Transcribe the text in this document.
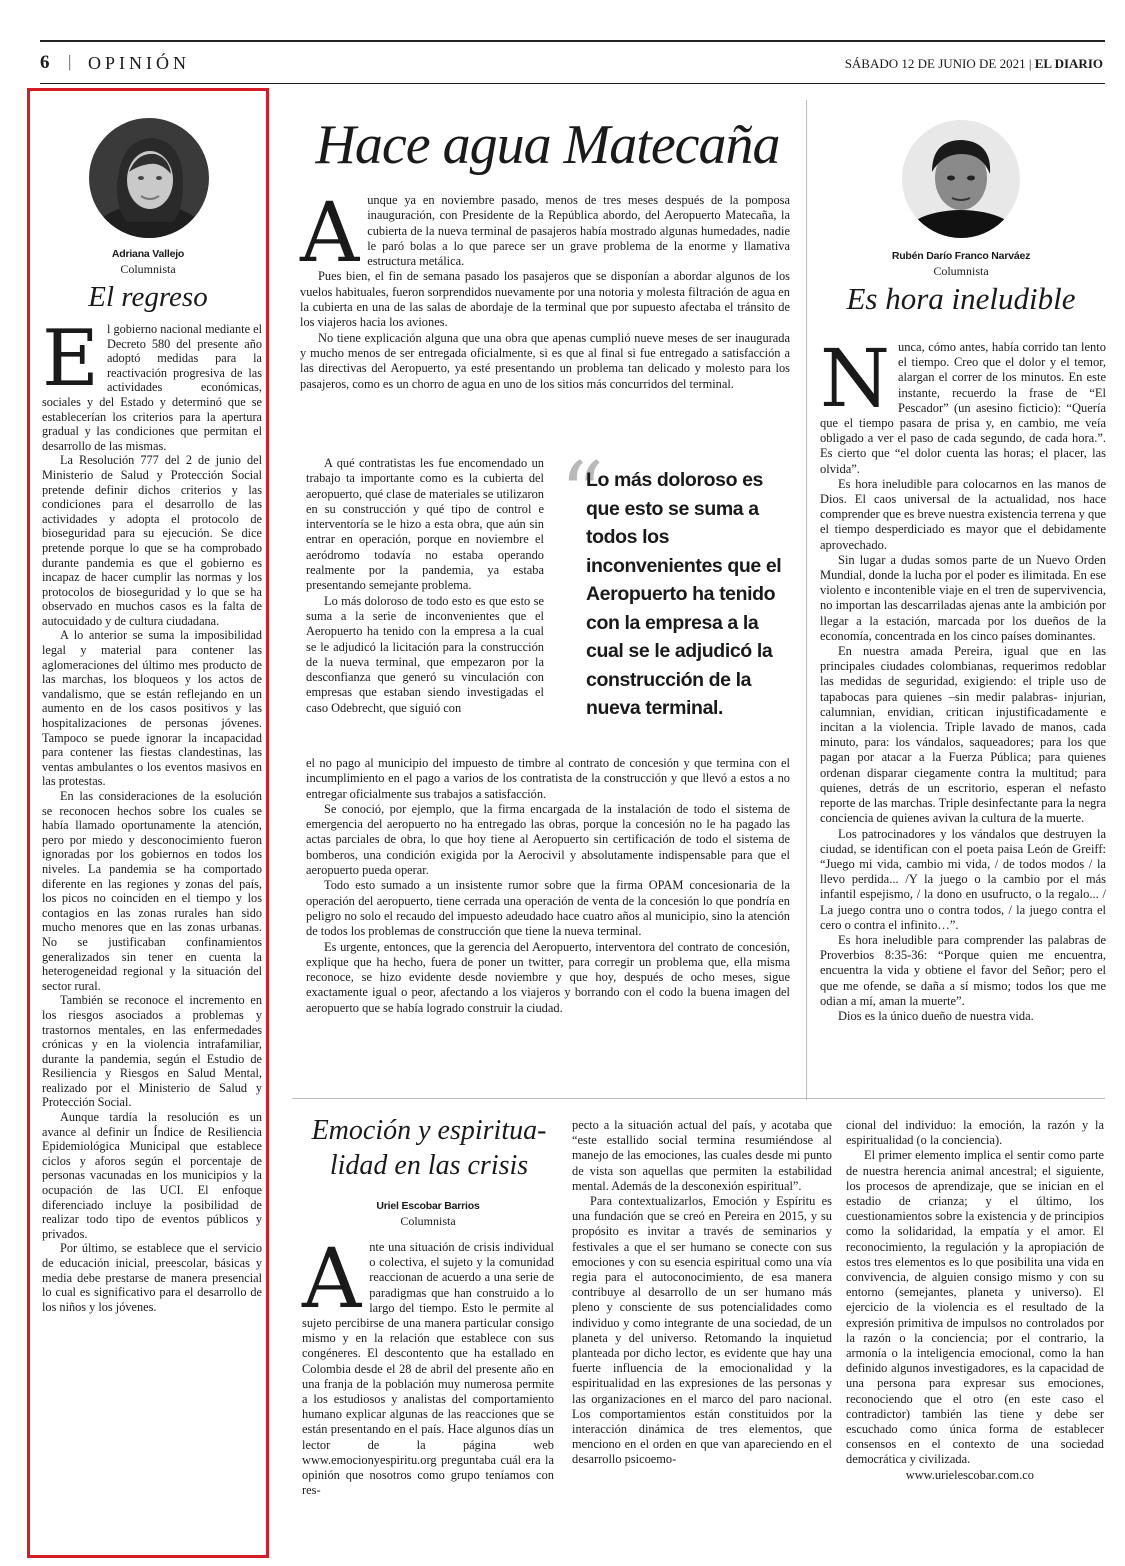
6 | OPINIÓN	SÁBADO 12 DE JUNIO DE 2021 | EL DIARIO
Adriana Vallejo
Columnista
El regreso
E l gobierno nacional mediante el Decreto 580 del presente año adoptó medidas para la reactivación progresiva de las actividades económicas, sociales y del Estado y determinó que se establecerían los criterios para la apertura gradual y las condiciones que permitan el desarrollo de las mismas.

La Resolución 777 del 2 de junio del Ministerio de Salud y Protección Social pretende definir dichos criterios y las condiciones para el desarrollo de las actividades y adopta el protocolo de bioseguridad para su ejecución. Se dice pretende porque lo que se ha comprobado durante pandemia es que el gobierno es incapaz de hacer cumplir las normas y los protocolos de bioseguridad y lo que se ha observado en muchos casos es la falta de autocuidado y de cultura ciudadana.

A lo anterior se suma la imposibilidad legal y material para contener las aglomeraciones del último mes producto de las marchas, los bloqueos y los actos de vandalismo, que se están reflejando en un aumento en de los casos positivos y las hospitalizaciones de personas jóvenes. Tampoco se puede ignorar la incapacidad para contener las fiestas clandestinas, las ventas ambulantes o los eventos masivos en las protestas.

En las consideraciones de la esolución se reconocen hechos sobre los cuales se había llamado oportunamente la atención, pero por miedo y desconocimiento fueron ignoradas por los gobiernos en todos los niveles. La pandemia se ha comportado diferente en las regiones y zonas del país, los picos no coinciden en el tiempo y los contagios en las zonas rurales han sido mucho menores que en las zonas urbanas. No se justificaban confinamientos generalizados sin tener en cuenta la heterogeneidad regional y la situación del sector rural.

También se reconoce el incremento en los riesgos asociados a problemas y trastornos mentales, en las enfermedades crónicas y en la violencia intrafamiliar, durante la pandemia, según el Estudio de Resiliencia y Riesgos en Salud Mental, realizado por el Ministerio de Salud y Protección Social.

Aunque tardía la resolución es un avance al definir un Índice de Resiliencia Epidemiológica Municipal que establece ciclos y aforos según el porcentaje de personas vacunadas en los municipios y la ocupación de las UCI. El enfoque diferenciado incluye la posibilidad de realizar todo tipo de eventos públicos y privados.

Por último, se establece que el servicio de educación inicial, preescolar, básicas y media debe prestarse de manera presencial lo cual es significativo para el desarrollo de los niños y los jóvenes.

Hace agua Matecaña
A unque ya en noviembre pasado, menos de tres meses después de la pomposa inauguración, con Presidente de la República abordo, del Aeropuerto Matecaña, la cubierta de la nueva terminal de pasajeros había mostrado algunas humedades, nadie le paró bolas a lo que parece ser un grave problema de la enorme y llamativa estructura metálica.

Pues bien, el fin de semana pasado los pasajeros que se disponían a abordar algunos de los vuelos habituales, fueron sorprendidos nuevamente por una notoria y molesta filtración de agua en la cubierta en una de las salas de abordaje de la terminal que por supuesto afectaba el tránsito de los viajeros hacia los aviones.

No tiene explicación alguna que una obra que apenas cumplió nueve meses de ser inaugurada y mucho menos de ser entregada oficialmente, si es que al final si fue entregado a satisfacción a las directivas del Aeropuerto, ya esté presentando un problema tan delicado y molesto para los pasajeros, como es un chorro de agua en uno de los sitios más concurridos del terminal.

A qué contratistas les fue encomendado un trabajo ta importante como es la cubierta del aeropuerto, qué clase de materiales se utilizaron en su construcción y qué tipo de control e interventoría se le hizo a esta obra, que aún sin entrar en operación, porque en noviembre el aeródromo todavía no estaba operando realmente por la pandemia, ya estaba presentando semejante problema.

Lo más doloroso de todo esto es que esto se suma a la serie de inconvenientes que el Aeropuerto ha tenido con la empresa a la cual se le adjudicó la licitación para la construcción de la nueva terminal, que empezaron por la desconfianza que generó su vinculación con empresas que estaban siendo investigadas el caso Odebrecht, que siguió con

“
Lo más doloroso es que esto se suma a todos los inconvenientes que el Aeropuerto ha tenido con la empresa a la cual se le adjudicó la construcción de la nueva terminal.

el no pago al municipio del impuesto de timbre al contrato de concesión y que termina con el incumplimiento en el pago a varios de los contratista de la construcción y que llevó a estos a no entregar oficialmente sus trabajos a satisfacción.

Se conoció, por ejemplo, que la firma encargada de la instalación de todo el sistema de emergencia del aeropuerto no ha entregado las obras, porque la concesión no le ha pagado las actas parciales de obra, lo que hoy tiene al Aeropuerto sin certificación de todo el sistema de bomberos, una condición exigida por la Aerocivil y absolutamente indispensable para que el aeropuerto pueda operar.

Todo esto sumado a un insistente rumor sobre que la firma OPAM concesionaria de la operación del aeropuerto, tiene cerrada una operación de venta de la concesión lo que pondría en peligro no solo el recaudo del impuesto adeudado hace cuatro años al municipio, sino la atención de todos los problemas de construcción que tiene la nueva terminal.

Es urgente, entonces, que la gerencia del Aeropuerto, interventora del contrato de concesión, explique que ha hecho, fuera de poner un twitter, para corregir un problema que, ella misma reconoce, se hizo evidente desde noviembre y que hoy, después de ocho meses, sigue exactamente igual o peor, afectando a los viajeros y borrando con el codo la buena imagen del aeropuerto que se había logrado construir la ciudad.

Rubén Darío Franco Narváez
Columnista
Es hora ineludible
N unca, cómo antes, había corrido tan lento el tiempo. Creo que el dolor y el temor, alargan el correr de los minutos. En este instante, recuerdo la frase de “El Pescador” (un asesino ficticio): “Quería que el tiempo pasara de prisa y, en cambio, me veía obligado a ver el paso de cada segundo, de cada hora.”. Es cierto que “el dolor cuenta las horas; el placer, las olvida”.

Es hora ineludible para colocarnos en las manos de Dios. El caos universal de la actualidad, nos hace comprender que es breve nuestra existencia terrena y que el tiempo desperdiciado es mayor que el debidamente aprovechado.

Sin lugar a dudas somos parte de un Nuevo Orden Mundial, donde la lucha por el poder es ilimitada. En ese violento e incontenible viaje en el tren de supervivencia, no importan las descarriladas ajenas ante la ambición por llegar a la estación, marcada por los dueños de la economía, concentrada en los cinco países dominantes.

En nuestra amada Pereira, igual que en las principales ciudades colombianas, requerimos redoblar las medidas de seguridad, exigiendo: el triple uso de tapabocas para quienes –sin medir palabras- injurian, calumnian, envidian, critican injustificadamente e incitan a la violencia. Triple lavado de manos, cada minuto, para: los vándalos, saqueadores; para los que pagan por atacar a la Fuerza Pública; para quienes ordenan disparar ciegamente contra la multitud; para quienes, detrás de un escritorio, esperan el nefasto reporte de las marchas. Triple desinfectante para la negra conciencia de quienes avivan la cultura de la muerte.

Los patrocinadores y los vándalos que destruyen la ciudad, se identifican con el poeta paisa León de Greiff: “Juego mi vida, cambio mi vida, / de todos modos / la llevo perdida... /Y la juego o la cambio por el más infantil espejismo, / la dono en usufructo, o la regalo... / La juego contra uno o contra todos, / la juego contra el cero o contra el infinito…”.

Es hora ineludible para comprender las palabras de Proverbios 8:35-36: “Porque quien me encuentra, encuentra la vida y obtiene el favor del Señor; pero el que me ofende, se daña a sí mismo; todos los que me odian a mí, aman la muerte”.

Dios es la único dueño de nuestra vida.

Emoción y espiritua-
lidad en las crisis
Uriel Escobar Barrios
Columnista
A nte una situación de crisis individual o colectiva, el sujeto y la comunidad reaccionan de acuerdo a una serie de paradigmas que han construido a lo largo del tiempo. Esto le permite al sujeto percibirse de una manera particular consigo mismo y en la relación que establece con sus congéneres. El descontento que ha estallado en Colombia desde el 28 de abril del presente año en una franja de la población muy numerosa permite a los estudiosos y analistas del comportamiento humano explicar algunas de las reacciones que se están presentando en el país. Hace algunos días un lector de la página web www.emocionyespiritu.org preguntaba cuál era la opinión que nosotros como grupo teníamos con res-

pecto a la situación actual del país, y acotaba que “este estallido social termina resumiéndose al manejo de las emociones, las cuales desde mi punto de vista son aquellas que permiten la estabilidad mental. Además de la desconexión espiritual”.

Para contextualizarlos, Emoción y Espíritu es una fundación que se creó en Pereira en 2015, y su propósito es invitar a través de seminarios y festivales a que el ser humano se conecte con sus emociones y con su esencia espiritual como una vía regia para el autoconocimiento, de esa manera contribuye al desarrollo de un ser humano más pleno y consciente de sus potencialidades como individuo y como integrante de una sociedad, de un planeta y del universo. Retomando la inquietud planteada por dicho lector, es evidente que hay una fuerte influencia de la emocionalidad y la espiritualidad en las expresiones de las personas y las organizaciones en el marco del paro nacional. Los comportamientos están constituidos por la interacción dinámica de tres elementos, que menciono en el orden en que van apareciendo en el desarrollo psicoemo-

cional del individuo: la emoción, la razón y la espiritualidad (o la conciencia).

El primer elemento implica el sentir como parte de nuestra herencia animal ancestral; el siguiente, los procesos de aprendizaje, que se inician en el estadio de crianza; y el último, los cuestionamientos sobre la existencia y de principios como la solidaridad, la empatía y el amor. El reconocimiento, la regulación y la apropiación de estos tres elementos es lo que posibilita una vida en convivencia, de alguien consigo mismo y con su entorno (semejantes, planeta y universo). El ejercicio de la violencia es el resultado de la expresión primitiva de impulsos no controlados por la razón o la conciencia; por el contrario, la armonía o la inteligencia emocional, como la han definido algunos investigadores, es la capacidad de una persona para expresar sus emociones, reconociendo que el otro (en este caso el contradictor) también las tiene y debe ser escuchado como única forma de establecer consensos en el contexto de una sociedad democrática y civilizada.

www.urielescobar.com.co
